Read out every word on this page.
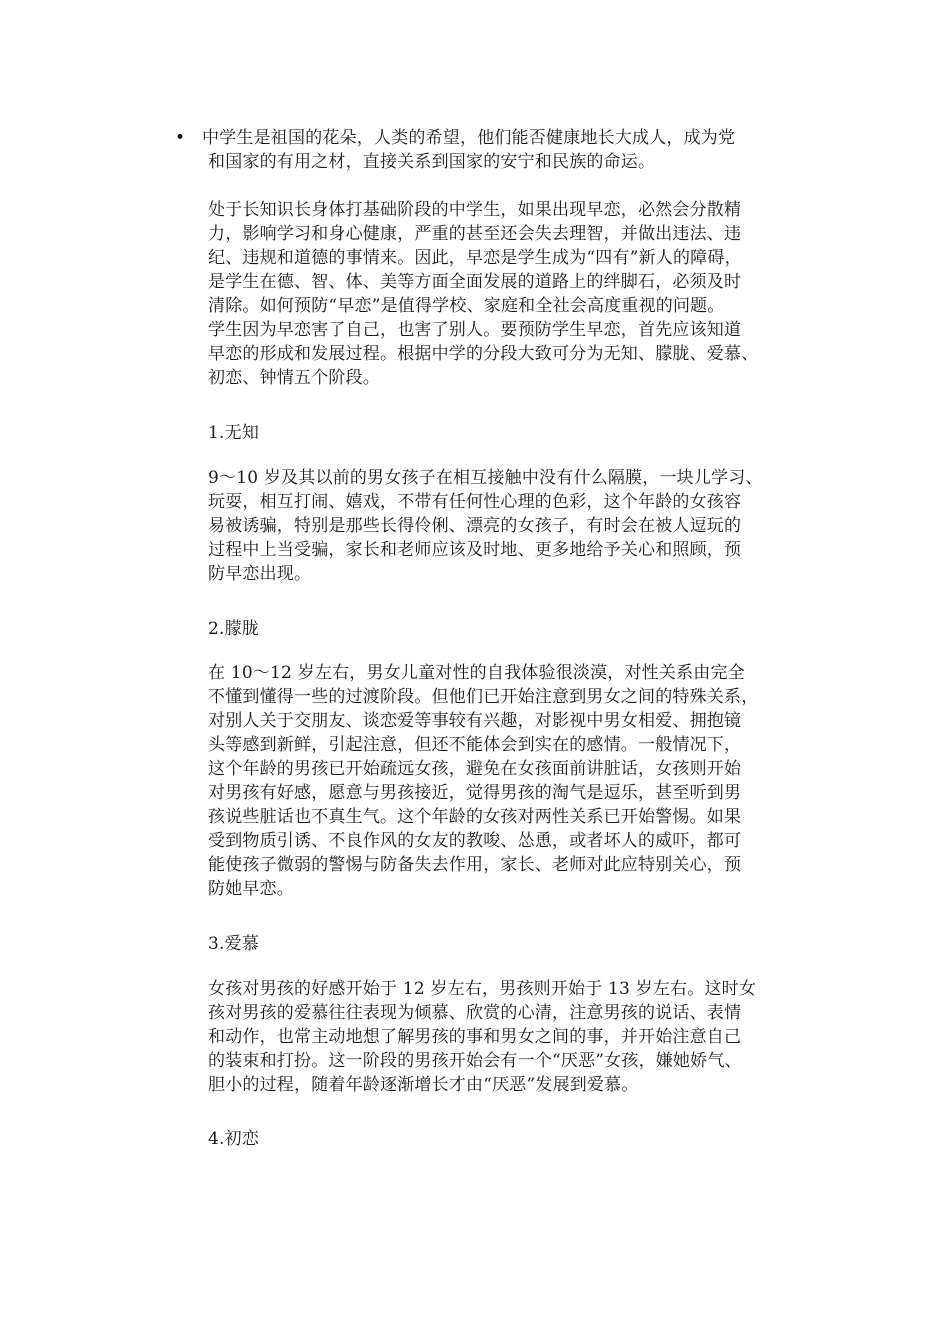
• 中学生是祖国的花朵，人类的希望，他们能否健康地长大成人，成为党
和国家的有用之材，直接关系到国家的安宁和民族的命运。
处于长知识长身体打基础阶段的中学生，如果出现早恋，必然会分散精
力，影响学习和身心健康，严重的甚至还会失去理智，并做出违法、违
纪、违规和道德的事情来。因此，早恋是学生成为“四有”新人的障碍，
是学生在德、智、体、美等方面全面发展的道路上的绊脚石，必须及时
清除。如何预防“早恋”是值得学校、家庭和全社会高度重视的问题。
学生因为早恋害了自己，也害了别人。要预防学生早恋，首先应该知道
早恋的形成和发展过程。根据中学的分段大致可分为无知、朦胧、爱慕、
初恋、钟情五个阶段。
1.无知
9～10 岁及其以前的男女孩子在相互接触中没有什么隔膜，一块儿学习、
玩耍，相互打闹、嬉戏，不带有任何性心理的色彩，这个年龄的女孩容
易被诱骗，特别是那些长得伶俐、漂亮的女孩子，有时会在被人逗玩的
过程中上当受骗，家长和老师应该及时地、更多地给予关心和照顾，预
防早恋出现。
2.朦胧
在 10～12 岁左右，男女儿童对性的自我体验很淡漠，对性关系由完全
不懂到懂得一些的过渡阶段。但他们已开始注意到男女之间的特殊关系，
对别人关于交朋友、谈恋爱等事较有兴趣，对影视中男女相爱、拥抱镜
头等感到新鲜，引起注意，但还不能体会到实在的感情。一般情况下，
这个年龄的男孩已开始疏远女孩，避免在女孩面前讲脏话，女孩则开始
对男孩有好感，愿意与男孩接近，觉得男孩的淘气是逗乐，甚至听到男
孩说些脏话也不真生气。这个年龄的女孩对两性关系已开始警惕。如果
受到物质引诱、不良作风的女友的教唆、怂恿，或者坏人的威吓，都可
能使孩子微弱的警惕与防备失去作用，家长、老师对此应特别关心，预
防她早恋。
3.爱慕
女孩对男孩的好感开始于 12 岁左右，男孩则开始于 13 岁左右。这时女
孩对男孩的爱慕往往表现为倾慕、欣赏的心清，注意男孩的说话、表情
和动作，也常主动地想了解男孩的事和男女之间的事，并开始注意自己
的装束和打扮。这一阶段的男孩开始会有一个“厌恶”女孩，嫌她娇气、
胆小的过程，随着年龄逐渐增长才由“厌恶”发展到爱慕。
4.初恋
